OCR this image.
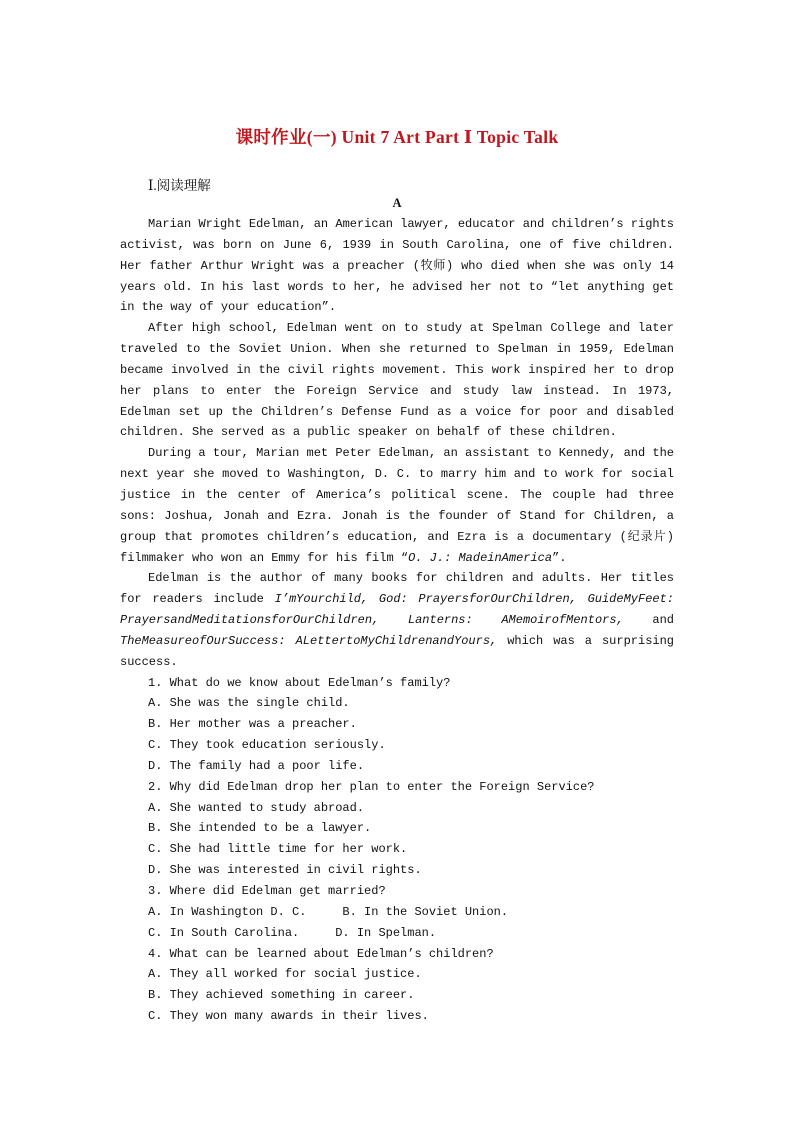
课时作业(一) Unit 7 Art Part Ⅰ Topic Talk
Ⅰ.阅读理解
A

Marian Wright Edelman, an American lawyer, educator and children’s rights activist, was born on June 6, 1939 in South Carolina, one of five children. Her father Arthur Wright was a preacher (牧师) who died when she was only 14 years old. In his last words to her, he advised her not to “let anything get in the way of your education”.

After high school, Edelman went on to study at Spelman College and later traveled to the Soviet Union. When she returned to Spelman in 1959, Edelman became involved in the civil rights movement. This work inspired her to drop her plans to enter the Foreign Service and study law instead. In 1973, Edelman set up the Children’s Defense Fund as a voice for poor and disabled children. She served as a public speaker on behalf of these children.

During a tour, Marian met Peter Edelman, an assistant to Kennedy, and the next year she moved to Washington, D. C. to marry him and to work for social justice in the center of America’s political scene. The couple had three sons: Joshua, Jonah and Ezra. Jonah is the founder of Stand for Children, a group that promotes children’s education, and Ezra is a documentary (纪录片) filmmaker who won an Emmy for his film “O. J.: MadeinAmerica”.

Edelman is the author of many books for children and adults. Her titles for readers include I’mYourchild, God: PrayersforOurChildren, GuideMyFeet: PrayersandMeditationsforOurChildren, Lanterns: AMemoirofMentors, and TheMeasureofOurSuccess: ALettertoMyChildrenandYours, which was a surprising success.

1. What do we know about Edelman’s family?

A. She was the single child.

B. Her mother was a preacher.

C. They took education seriously.

D. The family had a poor life.

2. Why did Edelman drop her plan to enter the Foreign Service?

A. She wanted to study abroad.

B. She intended to be a lawyer.

C. She had little time for her work.

D. She was interested in civil rights.

3. Where did Edelman get married?

A. In Washington D. C.     B. In the Soviet Union.

C. In South Carolina.     D. In Spelman.

4. What can be learned about Edelman’s children?

A. They all worked for social justice.

B. They achieved something in career.

C. They won many awards in their lives.
